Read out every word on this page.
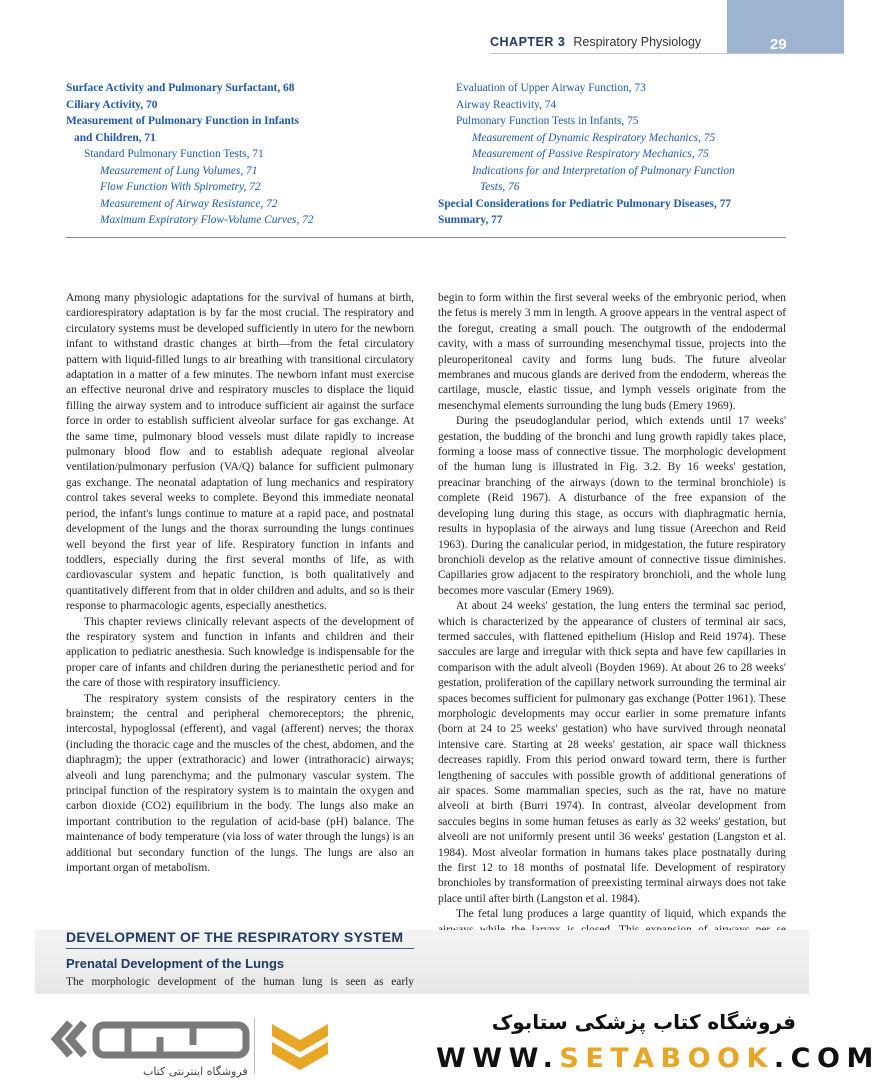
29
CHAPTER 3 Respiratory Physiology
Surface Activity and Pulmonary Surfactant, 68
Ciliary Activity, 70
Measurement of Pulmonary Function in Infants
and Children, 71
Standard Pulmonary Function Tests, 71
Measurement of Lung Volumes, 71
Flow Function With Spirometry, 72
Measurement of Airway Resistance, 72
Maximum Expiratory Flow-Volume Curves, 72
Evaluation of Upper Airway Function, 73
Airway Reactivity, 74
Pulmonary Function Tests in Infants, 75
Measurement of Dynamic Respiratory Mechanics, 75
Measurement of Passive Respiratory Mechanics, 75
Indications for and Interpretation of Pulmonary Function
Tests, 76
Special Considerations for Pediatric Pulmonary Diseases, 77
Summary, 77

Among many physiologic adaptations for the survival of humans at birth, cardiorespiratory adaptation is by far the most crucial. The respiratory and circulatory systems must be developed sufficiently in utero for the newborn infant to withstand drastic changes at birth—from the fetal circulatory pattern with liquid-filled lungs to air breathing with transitional circulatory adaptation in a matter of a few minutes. The newborn infant must exercise an effective neuronal drive and respiratory muscles to displace the liquid filling the airway system and to introduce sufficient air against the surface force in order to establish sufficient alveolar surface for gas exchange. At the same time, pulmonary blood vessels must dilate rapidly to increase pulmonary blood flow and to establish adequate regional alveolar ventilation/pulmonary perfusion (VA/Q) balance for sufficient pulmonary gas exchange. The neonatal adaptation of lung mechanics and respiratory control takes several weeks to complete. Beyond this immediate neonatal period, the infant's lungs continue to mature at a rapid pace, and postnatal development of the lungs and the thorax surrounding the lungs continues well beyond the first year of life. Respiratory function in infants and toddlers, especially during the first several months of life, as with cardiovascular system and hepatic function, is both qualitatively and quantitatively different from that in older children and adults, and so is their response to pharmacologic agents, especially anesthetics.

This chapter reviews clinically relevant aspects of the development of the respiratory system and function in infants and children and their application to pediatric anesthesia. Such knowledge is indispensable for the proper care of infants and children during the perianesthetic period and for the care of those with respiratory insufficiency.

The respiratory system consists of the respiratory centers in the brainstem; the central and peripheral chemoreceptors; the phrenic, intercostal, hypoglossal (efferent), and vagal (afferent) nerves; the thorax (including the thoracic cage and the muscles of the chest, abdomen, and the diaphragm); the upper (extrathoracic) and lower (intrathoracic) airways; alveoli and lung parenchyma; and the pulmonary vascular system. The principal function of the respiratory system is to maintain the oxygen and carbon dioxide (CO2) equilibrium in the body. The lungs also make an important contribution to the regulation of acid-base (pH) balance. The maintenance of body temperature (via loss of water through the lungs) is an additional but secondary function of the lungs. The lungs are also an important organ of metabolism.

begin to form within the first several weeks of the embryonic period, when the fetus is merely 3 mm in length. A groove appears in the ventral aspect of the foregut, creating a small pouch. The outgrowth of the endodermal cavity, with a mass of surrounding mesenchymal tissue, projects into the pleuroperitoneal cavity and forms lung buds. The future alveolar membranes and mucous glands are derived from the endoderm, whereas the cartilage, muscle, elastic tissue, and lymph vessels originate from the mesenchymal elements surrounding the lung buds (Emery 1969).

During the pseudoglandular period, which extends until 17 weeks' gestation, the budding of the bronchi and lung growth rapidly takes place, forming a loose mass of connective tissue. The morphologic development of the human lung is illustrated in Fig. 3.2. By 16 weeks' gestation, preacinar branching of the airways (down to the terminal bronchiole) is complete (Reid 1967). A disturbance of the free expansion of the developing lung during this stage, as occurs with diaphragmatic hernia, results in hypoplasia of the airways and lung tissue (Areechon and Reid 1963). During the canalicular period, in midgestation, the future respiratory bronchioli develop as the relative amount of connective tissue diminishes. Capillaries grow adjacent to the respiratory bronchioli, and the whole lung becomes more vascular (Emery 1969).

At about 24 weeks' gestation, the lung enters the terminal sac period, which is characterized by the appearance of clusters of terminal air sacs, termed saccules, with flattened epithelium (Hislop and Reid 1974). These saccules are large and irregular with thick septa and have few capillaries in comparison with the adult alveoli (Boyden 1969). At about 26 to 28 weeks' gestation, proliferation of the capillary network surrounding the terminal air spaces becomes sufficient for pulmonary gas exchange (Potter 1961). These morphologic developments may occur earlier in some premature infants (born at 24 to 25 weeks' gestation) who have survived through neonatal intensive care. Starting at 28 weeks' gestation, air space wall thickness decreases rapidly. From this period onward toward term, there is further lengthening of saccules with possible growth of additional generations of air spaces. Some mammalian species, such as the rat, have no mature alveoli at birth (Burri 1974). In contrast, alveolar development from saccules begins in some human fetuses as early as 32 weeks' gestation, but alveoli are not uniformly present until 36 weeks' gestation (Langston et al. 1984). Most alveolar formation in humans takes place postnatally during the first 12 to 18 months of postnatal life. Development of respiratory bronchioles by transformation of preexisting terminal airways does not take place until after birth (Langston et al. 1984).

The fetal lung produces a large quantity of liquid, which expands the

DEVELOPMENT OF THE RESPIRATORY SYSTEM
Prenatal Development of the Lungs
The morphologic development of the human lung is seen as early
فروشگاه اینترنتی کتاب
فروشگاه کتاب پزشکی ستابوک
WWW.SETABOOK.COM
